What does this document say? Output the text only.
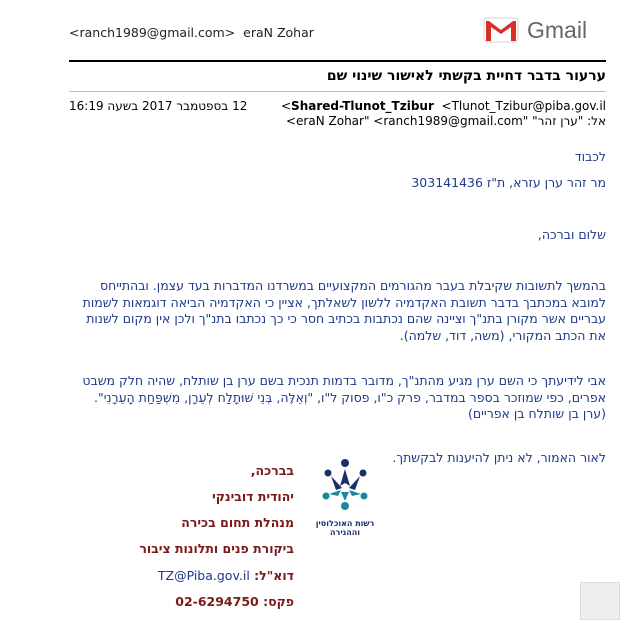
<ranch1989@gmail.com> eraN Zohar	Gmail
ערעור בדבר דחיית בקשתי לאישור שינוי שם
Shared-Tlunot_Tzibur  <Tlunot_Tzibur@piba.gov.il>
אל: "ערן זהר" "eraN Zohar" <ranch1989@gmail.com>
12 בספטמבר 2017 בשעה 16:19
לכבוד
מר זהר ערן עזרא, ת"ז 303141436
שלום וברכה,
בהמשך לתשובות שקיבלת בעבר מהגורמים המקצועיים במשרדנו המדברות בעד עצמן. ובהתייחס למובא במכתבך בדבר תשובת האקדמיה ללשון לשאלתך, אציין כי האקדמיה הביאה דוגמאות לשמות עבריים אשר מקורן בתנ"ך וציינה שהם נכתבות בכתיב חסר כי כך נכתבו בתנ"ך ולכן אין מקום לשנות את הכתב המקורי, (משה, דוד, שלמה).
אבי לידיעתך כי השם ערן מגיע מהתנ"ך, מדובר בדמות תנכית בשם ערן בן שותלח, שהיה חלק משבט אפרים, כפי שמוזכר בספר במדבר, פרק כ"ו, פסוק ל"ו, "וְאֵלֶּה, בְּנֵי שׁוּתָלַח לְעֵרָן, מִשְׁפַּחַת הָעֵרָנִי". (ערן בן שותלח בן אפריים)
לאור האמור, לא ניתן להיענות לבקשתך.
רשות האוכלוסין וההגירה
בברכה,
יהודית דובינקי
מנהלת תחום בכירה
ביקורת פנים ותלונות ציבור
דוא"ל: TZ@Piba.gov.il
פקס: 02-6294750
